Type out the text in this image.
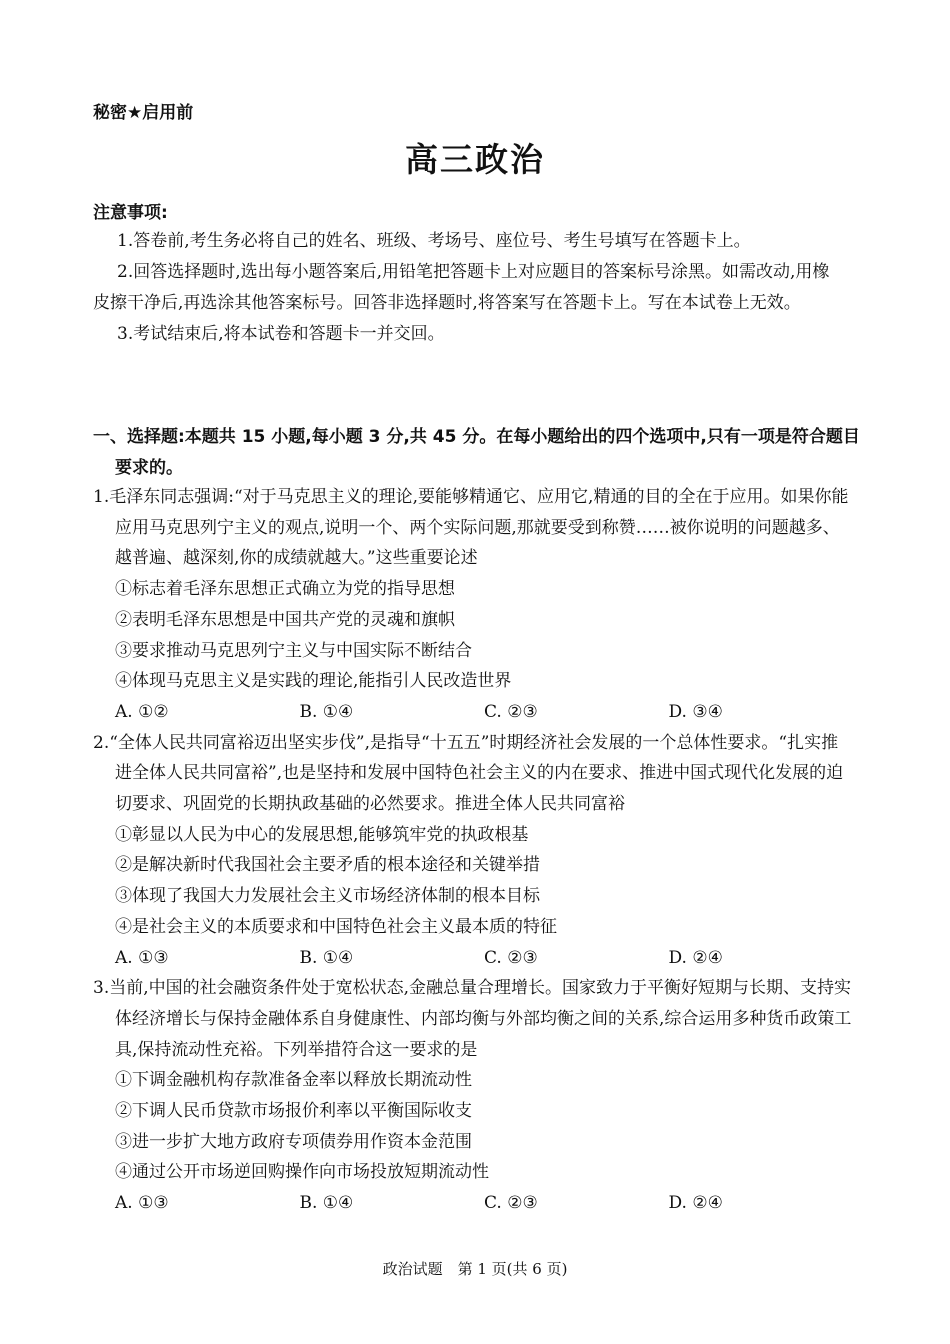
秘密★启用前
高三政治
注意事项:

1.答卷前,考生务必将自己的姓名、班级、考场号、座位号、考生号填写在答题卡上。

2.回答选择题时,选出每小题答案后,用铅笔把答题卡上对应题目的答案标号涂黑。如需改动,用橡皮擦干净后,再选涂其他答案标号。回答非选择题时,将答案写在答题卡上。写在本试卷上无效。

3.考试结束后,将本试卷和答题卡一并交回。

一、选择题:本题共 15 小题,每小题 3 分,共 45 分。在每小题给出的四个选项中,只有一项是符合题目要求的。
1.毛泽东同志强调:“对于马克思主义的理论,要能够精通它、应用它,精通的目的全在于应用。如果你能应用马克思列宁主义的观点,说明一个、两个实际问题,那就要受到称赞……被你说明的问题越多、越普遍、越深刻,你的成绩就越大。”这些重要论述
①标志着毛泽东思想正式确立为党的指导思想
②表明毛泽东思想是中国共产党的灵魂和旗帜
③要求推动马克思列宁主义与中国实际不断结合
④体现马克思主义是实践的理论,能指引人民改造世界
A. ①②	B. ①④	C. ②③	D. ③④
2.“全体人民共同富裕迈出坚实步伐”,是指导“十五五”时期经济社会发展的一个总体性要求。“扎实推进全体人民共同富裕”,也是坚持和发展中国特色社会主义的内在要求、推进中国式现代化发展的迫切要求、巩固党的长期执政基础的必然要求。推进全体人民共同富裕
①彰显以人民为中心的发展思想,能够筑牢党的执政根基
②是解决新时代我国社会主要矛盾的根本途径和关键举措
③体现了我国大力发展社会主义市场经济体制的根本目标
④是社会主义的本质要求和中国特色社会主义最本质的特征
A. ①③	B. ①④	C. ②③	D. ②④
3.当前,中国的社会融资条件处于宽松状态,金融总量合理增长。国家致力于平衡好短期与长期、支持实体经济增长与保持金融体系自身健康性、内部均衡与外部均衡之间的关系,综合运用多种货币政策工具,保持流动性充裕。下列举措符合这一要求的是
①下调金融机构存款准备金率以释放长期流动性
②下调人民币贷款市场报价利率以平衡国际收支
③进一步扩大地方政府专项债券用作资本金范围
④通过公开市场逆回购操作向市场投放短期流动性
A. ①③	B. ①④	C. ②③	D. ②④
政治试题　第 1 页(共 6 页)
